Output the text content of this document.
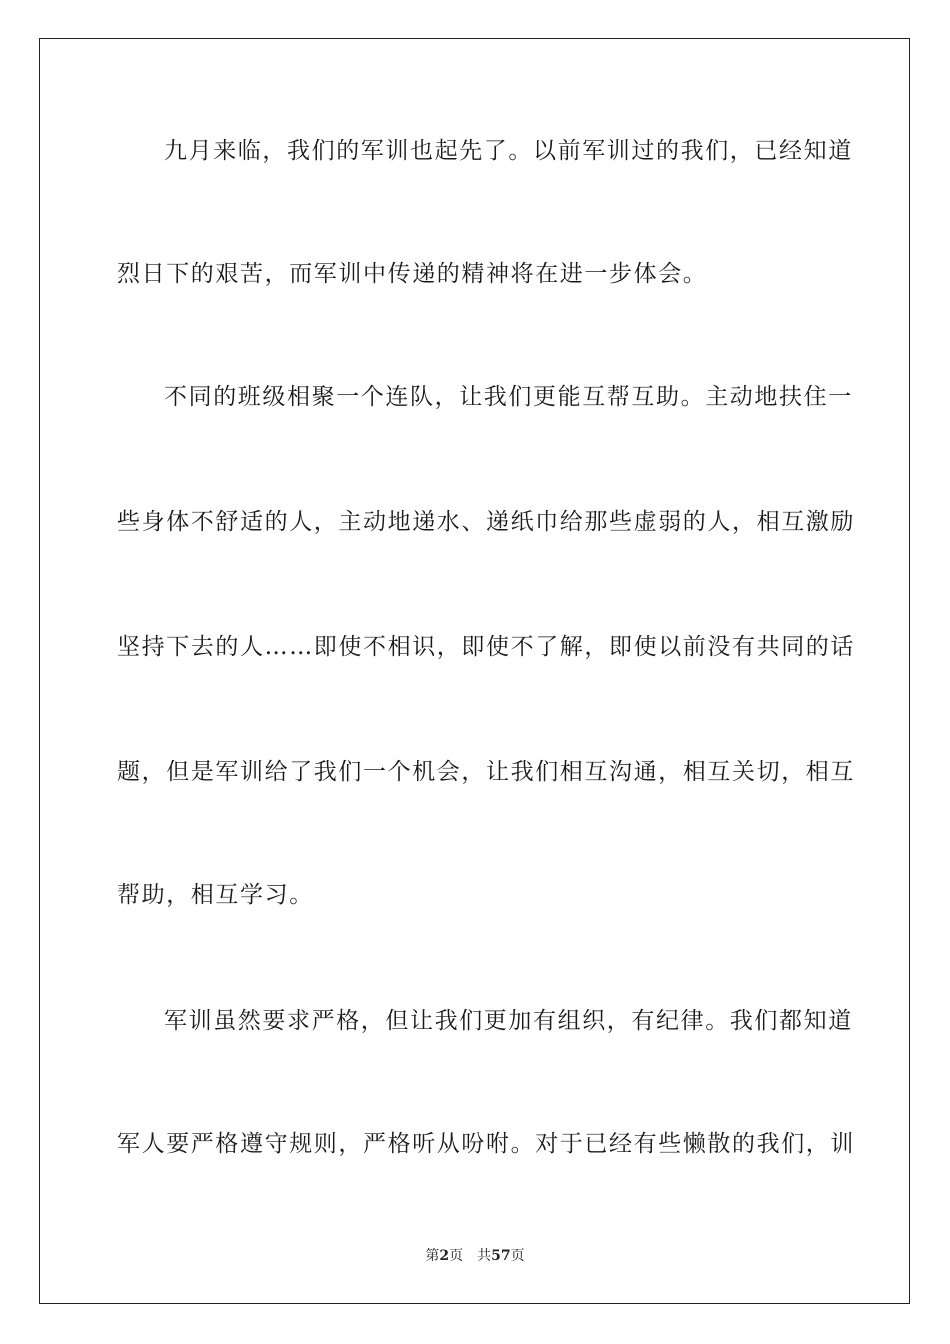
九月来临，我们的军训也起先了。以前军训过的我们，已经知道
烈日下的艰苦，而军训中传递的精神将在进一步体会。
不同的班级相聚一个连队，让我们更能互帮互助。主动地扶住一
些身体不舒适的人，主动地递水、递纸巾给那些虚弱的人，相互激励
坚持下去的人……即使不相识，即使不了解，即使以前没有共同的话
题，但是军训给了我们一个机会，让我们相互沟通，相互关切，相互
帮助，相互学习。
军训虽然要求严格，但让我们更加有组织，有纪律。我们都知道
军人要严格遵守规则，严格听从吩咐。对于已经有些懒散的我们，训
第2页 共57页
